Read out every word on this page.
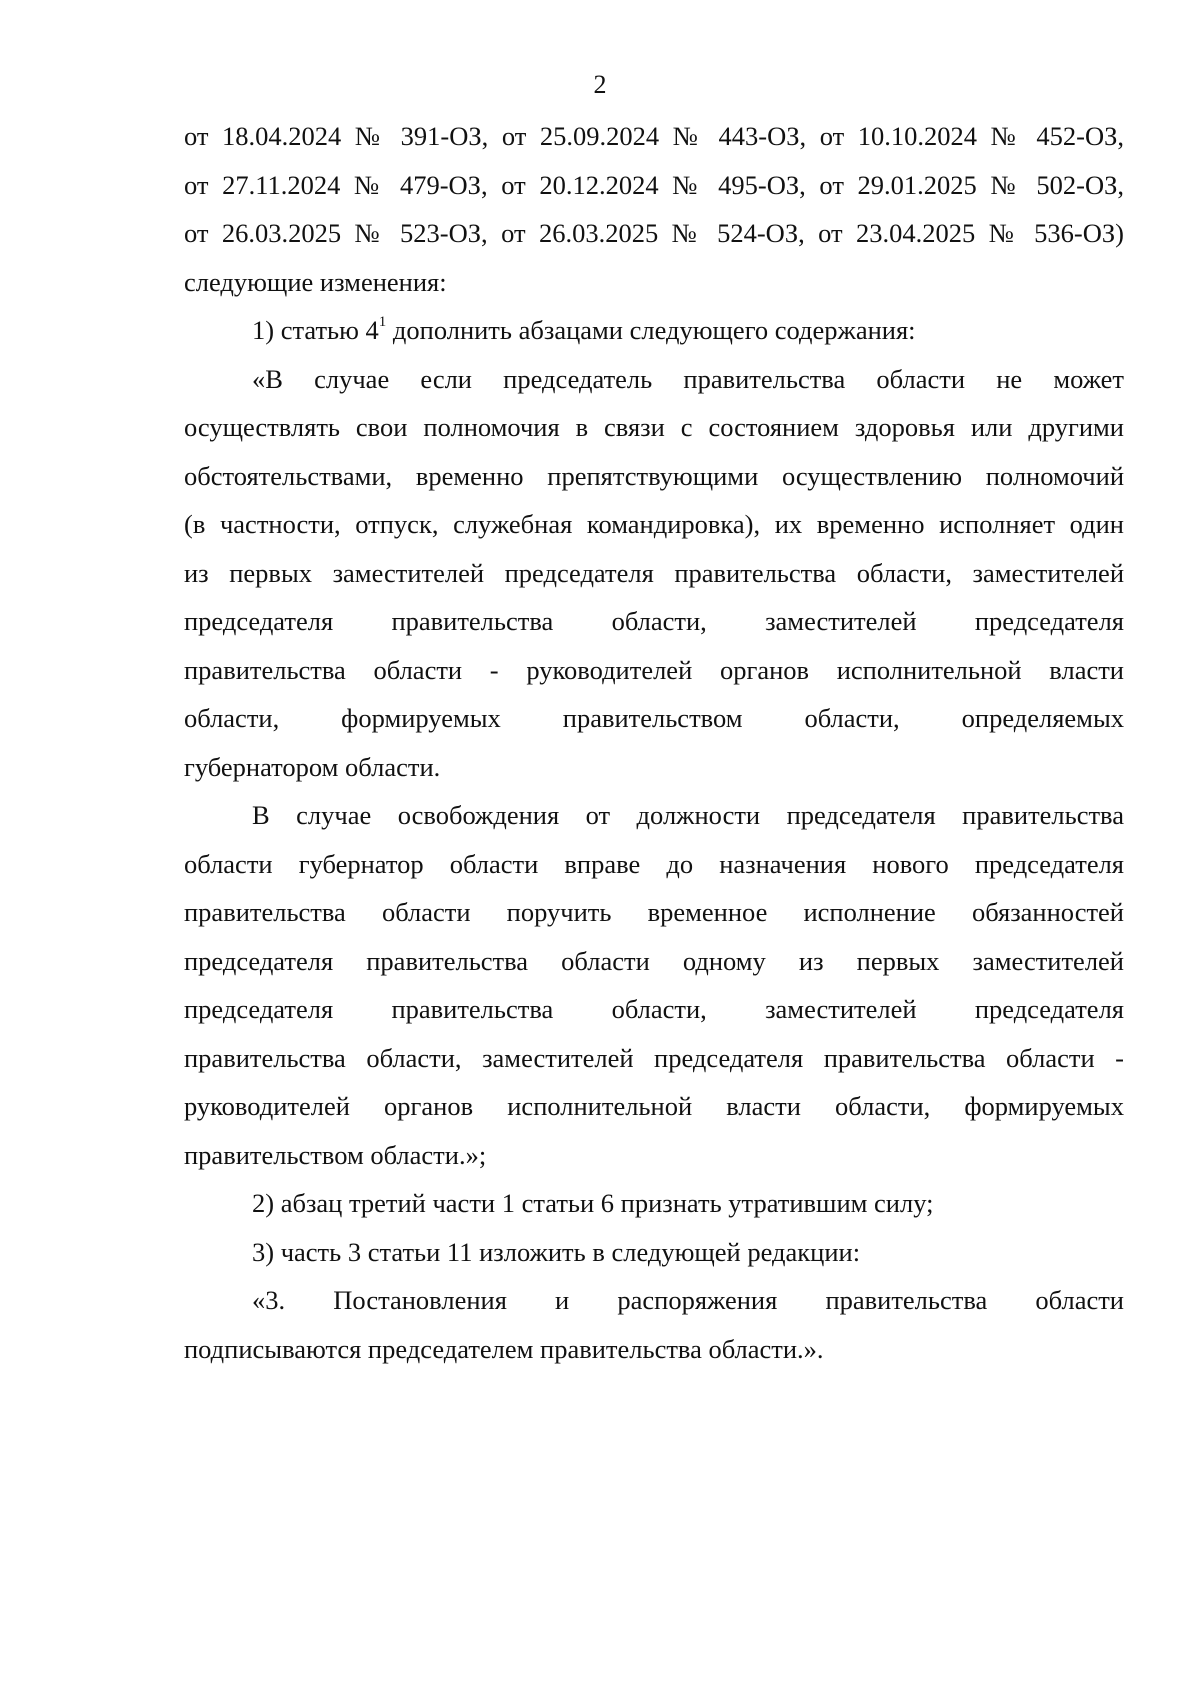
2
от 18.04.2024 № 391-ОЗ, от 25.09.2024 № 443-ОЗ, от 10.10.2024 № 452-ОЗ,
от 27.11.2024 № 479-ОЗ, от 20.12.2024 № 495-ОЗ, от 29.01.2025 № 502-ОЗ,
от 26.03.2025 № 523-ОЗ, от 26.03.2025 № 524-ОЗ, от 23.04.2025 № 536-ОЗ)
следующие изменения:
1) статью $4^1$ дополнить абзацами следующего содержания:
«В случае если председатель правительства области не может
осуществлять свои полномочия в связи с состоянием здоровья или другими
обстоятельствами, временно препятствующими осуществлению полномочий
(в частности, отпуск, служебная командировка), их временно исполняет один
из первых заместителей председателя правительства области, заместителей
председателя правительства области, заместителей председателя
правительства области - руководителей органов исполнительной власти
области, формируемых правительством области, определяемых
губернатором области.
В случае освобождения от должности председателя правительства
области губернатор области вправе до назначения нового председателя
правительства области поручить временное исполнение обязанностей
председателя правительства области одному из первых заместителей
председателя правительства области, заместителей председателя
правительства области, заместителей председателя правительства области -
руководителей органов исполнительной власти области, формируемых
правительством области.»;
2) абзац третий части 1 статьи 6 признать утратившим силу;
3) часть 3 статьи 11 изложить в следующей редакции:
«3. Постановления и распоряжения правительства области
подписываются председателем правительства области.».
